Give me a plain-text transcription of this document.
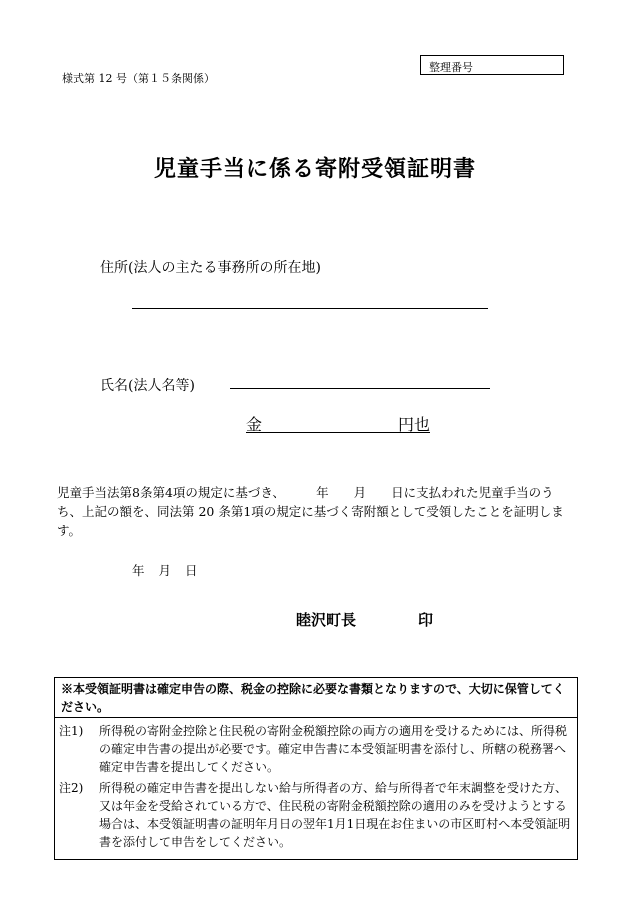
様式第 12 号（第１５条関係）
整理番号
児童手当に係る寄附受領証明書
住所(法人の主たる事務所の所在地)
氏名(法人名等)
金	円也
児童手当法第8条第4項の規定に基づき、　　　年　　月　　日に支払われた児童手当のうち、上記の額を、同法第 20 条第1項の規定に基づく寄附額として受領したことを証明します。
年 月 日
睦沢町長	印
※本受領証明書は確定申告の際、税金の控除に必要な書類となりますので、大切に保管してください。
注1)	所得税の寄附金控除と住民税の寄附金税額控除の両方の適用を受けるためには、所得税の確定申告書の提出が必要です。確定申告書に本受領証明書を添付し、所轄の税務署へ確定申告書を提出してください。
注2)	所得税の確定申告書を提出しない給与所得者の方、給与所得者で年末調整を受けた方、又は年金を受給されている方で、住民税の寄附金税額控除の適用のみを受けようとする場合は、本受領証明書の証明年月日の翌年1月1日現在お住まいの市区町村へ本受領証明書を添付して申告をしてください。
